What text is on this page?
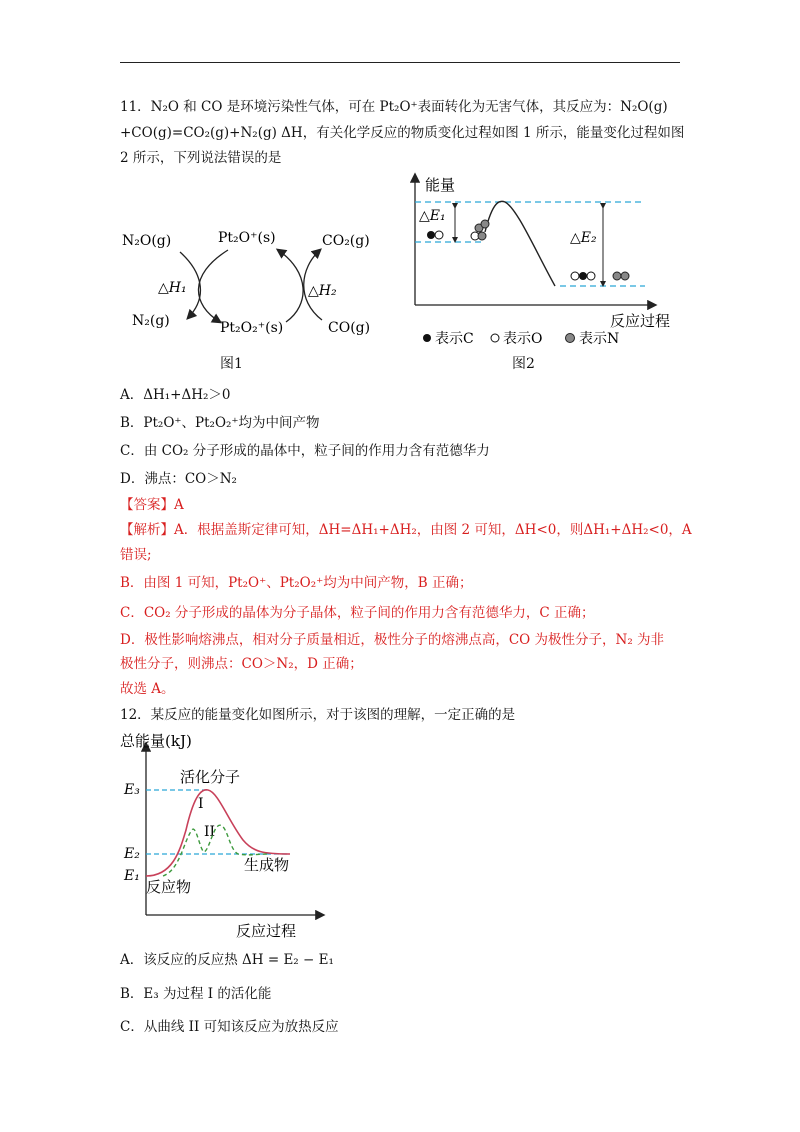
11．N₂O 和 CO 是环境污染性气体，可在 Pt₂O⁺表面转化为无害气体，其反应为：N₂O(g)
+CO(g)=CO₂(g)+N₂(g) ΔH，有关化学反应的物质变化过程如图 1 所示，能量变化过程如图
2 所示，下列说法错误的是
N₂O(g)	Pt₂O⁺(s)	CO₂(g)
△H₁	△H₂
N₂(g)	Pt₂O₂⁺(s)	CO(g)
图1
能量
反应过程
△E₁
△E₂
表示C 表示O	表示N
图2
A．ΔH₁+ΔH₂＞0
B．Pt₂O⁺、Pt₂O₂⁺均为中间产物
C．由 CO₂ 分子形成的晶体中，粒子间的作用力含有范德华力
D．沸点：CO＞N₂
【答案】A
【解析】A．根据盖斯定律可知，ΔH=ΔH₁+ΔH₂，由图 2 可知，ΔH<0，则ΔH₁+ΔH₂<0，A
错误;
B．由图 1 可知，Pt₂O⁺、Pt₂O₂⁺均为中间产物，B 正确；
C．CO₂ 分子形成的晶体为分子晶体，粒子间的作用力含有范德华力，C 正确；
D．极性影响熔沸点，相对分子质量相近，极性分子的熔沸点高，CO 为极性分子，N₂ 为非
极性分子，则沸点：CO＞N₂，D 正确；
故选 A。
12．某反应的能量变化如图所示，对于该图的理解，一定正确的是
总能量(kJ)
反应过程
E₃
E₂
E₁
活化分子
I
II
反应物
生成物
A．该反应的反应热 ΔH = E₂ − E₁
B．E₃ 为过程 I 的活化能
C．从曲线 II 可知该反应为放热反应
